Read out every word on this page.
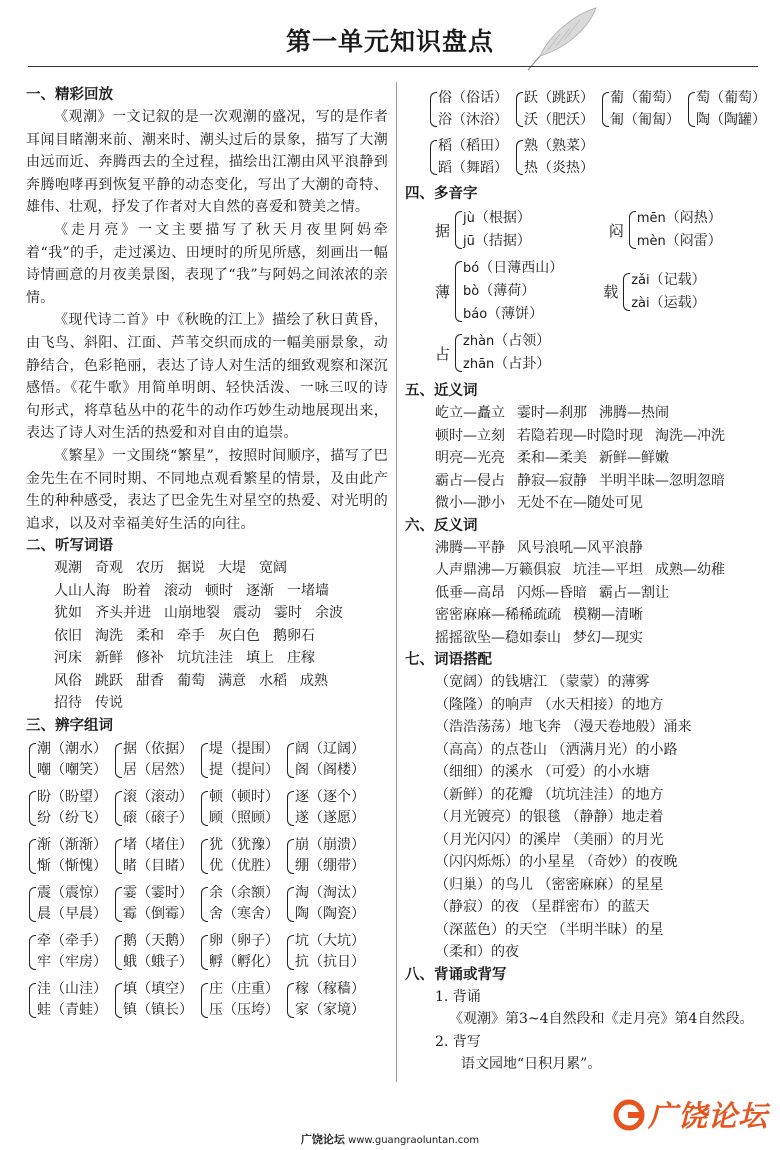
第一单元知识盘点
一、精彩回放

《观潮》一文记叙的是一次观潮的盛况，写的是作者耳闻目睹潮来前、潮来时、潮头过后的景象，描写了大潮由远而近、奔腾西去的全过程，描绘出江潮由风平浪静到奔腾咆哮再到恢复平静的动态变化，写出了大潮的奇特、雄伟、壮观，抒发了作者对大自然的喜爱和赞美之情。

《走月亮》一文主要描写了秋天月夜里阿妈牵着“我”的手，走过溪边、田埂时的所见所感，刻画出一幅诗情画意的月夜美景图，表现了“我”与阿妈之间浓浓的亲情。

《现代诗二首》中《秋晚的江上》描绘了秋日黄昏，由飞鸟、斜阳、江面、芦苇交织而成的一幅美丽景象，动静结合，色彩艳丽，表达了诗人对生活的细致观察和深沉感悟。《花牛歌》用简单明朗、轻快活泼、一咏三叹的诗句形式，将草毡丛中的花牛的动作巧妙生动地展现出来，表达了诗人对生活的热爱和对自由的追崇。

《繁星》一文围绕“繁星”，按照时间顺序，描写了巴金先生在不同时期、不同地点观看繁星的情景，及由此产生的种种感受，表达了巴金先生对星空的热爱、对光明的追求，以及对幸福美好生活的向往。

二、听写词语
观潮 奇观 农历 据说 大堤 宽阔
人山人海 盼着 滚动 顿时 逐渐 一堵墙
犹如 齐头并进 山崩地裂 震动 霎时 余波
依旧 淘洗 柔和 牵手 灰白色 鹅卵石
河床 新鲜 修补 坑坑洼洼 填上 庄稼
风俗 跳跃 甜香 葡萄 满意 水稻 成熟
招待 传说
三、辨字组词
潮（潮水）
嘲（嘲笑）
据（依据）
居（居然）
堤（提围）
提（提问）
阔（辽阔）
阁（阁楼）
盼（盼望）
纷（纷飞）
滚（滚动）
磙（磙子）
顿（顿时）
顾（照顾）
逐（逐个）
遂（遂愿）
渐（渐渐）
惭（惭愧）
堵（堵住）
睹（目睹）
犹（犹豫）
优（优胜）
崩（崩溃）
绷（绷带）
震（震惊）
晨（早晨）
霎（霎时）
霉（倒霉）
余（余额）
舍（寒舍）
淘（淘汰）
陶（陶瓷）
牵（牵手）
牢（牢房）
鹅（天鹅）
蛾（蛾子）
卵（卵子）
孵（孵化）
坑（大坑）
抗（抗日）
洼（山洼）
蛙（青蛙）
填（填空）
镇（镇长）
庄（庄重）
压（压垮）
稼（稼穑）
家（家境）
俗（俗话）
浴（沐浴）
跃（跳跃）
沃（肥沃）
葡（葡萄）
匍（匍匐）
萄（葡萄）
陶（陶罐）
稻（稻田）
蹈（舞蹈）
熟（熟菜）
热（炎热）
四、多音字
据
jù（根据）
jū（拮据）
闷
mēn（闷热）
mèn（闷雷）
薄
bó（日薄西山）
bò（薄荷）
báo（薄饼）
载
zǎi（记载）
zài（运载）
占
zhàn（占领）
zhān（占卦）
五、近义词
屹立—矗立 霎时—刹那 沸腾—热闹
顿时—立刻 若隐若现—时隐时现 淘洗—冲洗
明亮—光亮 柔和—柔美 新鲜—鲜嫩
霸占—侵占 静寂—寂静 半明半昧—忽明忽暗
微小—渺小 无处不在—随处可见
六、反义词
沸腾—平静 风号浪吼—风平浪静
人声鼎沸—万籁俱寂 坑洼—平坦 成熟—幼稚
低垂—高昂 闪烁—昏暗 霸占—割让
密密麻麻—稀稀疏疏 模糊—清晰
摇摇欲坠—稳如泰山 梦幻—现实
七、词语搭配
（宽阔）的钱塘江 （蒙蒙）的薄雾
（隆隆）的响声 （水天相接）的地方
（浩浩荡荡）地飞奔 （漫天卷地般）涌来
（高高）的点苍山 （洒满月光）的小路
（细细）的溪水 （可爱）的小水塘
（新鲜）的花瓣 （坑坑洼洼）的地方
（月光镀亮）的银毯 （静静）地走着
（月光闪闪）的溪岸 （美丽）的月光
（闪闪烁烁）的小星星 （奇妙）的夜晚
（归巢）的鸟儿 （密密麻麻）的星星
（静寂）的夜 （星群密布）的蓝天
（深蓝色）的天空 （半明半昧）的星
（柔和）的夜
八、背诵或背写
1. 背诵
《观潮》第3~4自然段和《走月亮》第4自然段。
2. 背写
语文园地“日积月累”。
广饶论坛 www.guangraoluntan.com
广饶论坛
